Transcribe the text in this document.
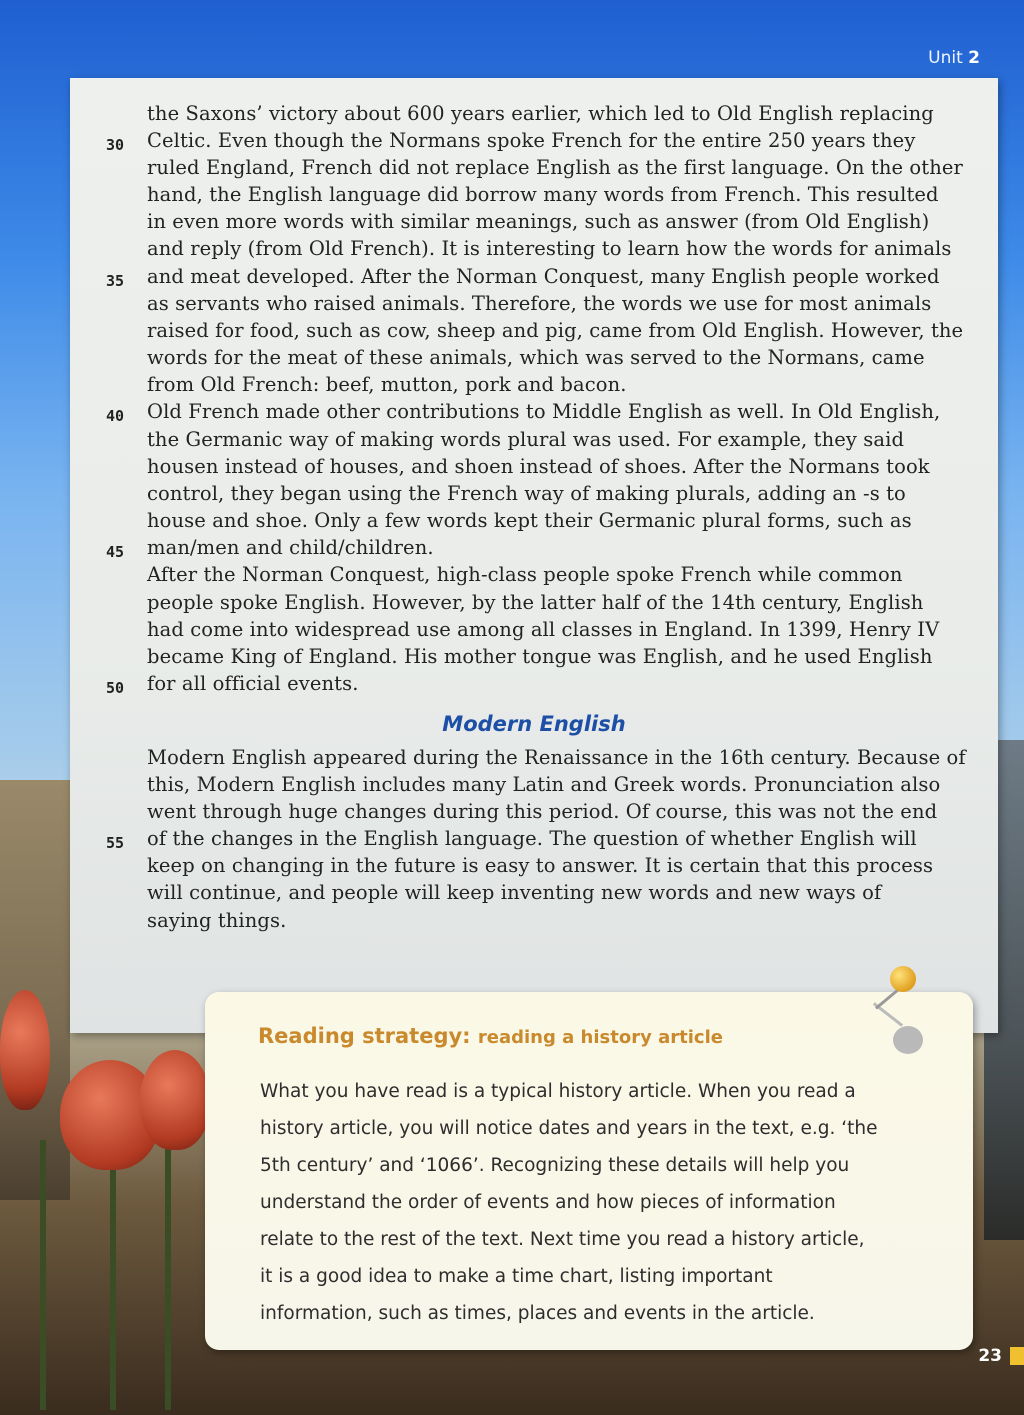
Unit 2
30
35
40
45
50
55
the Saxons’ victory about 600 years earlier, which led to Old English replacing
Celtic. Even though the Normans spoke French for the entire 250 years they
ruled England, French did not replace English as the first language. On the other
hand, the English language did borrow many words from French. This resulted
in even more words with similar meanings, such as answer (from Old English)
and reply (from Old French). It is interesting to learn how the words for animals
and meat developed. After the Norman Conquest, many English people worked
as servants who raised animals. Therefore, the words we use for most animals
raised for food, such as cow, sheep and pig, came from Old English. However, the
words for the meat of these animals, which was served to the Normans, came
from Old French: beef, mutton, pork and bacon.
Old French made other contributions to Middle English as well. In Old English,
the Germanic way of making words plural was used. For example, they said
housen instead of houses, and shoen instead of shoes. After the Normans took
control, they began using the French way of making plurals, adding an -s to
house and shoe. Only a few words kept their Germanic plural forms, such as
man/men and child/children.
After the Norman Conquest, high-class people spoke French while common
people spoke English. However, by the latter half of the 14th century, English
had come into widespread use among all classes in England. In 1399, Henry IV
became King of England. His mother tongue was English, and he used English
for all official events.
Modern English
Modern English appeared during the Renaissance in the 16th century. Because of
this, Modern English includes many Latin and Greek words. Pronunciation also
went through huge changes during this period. Of course, this was not the end
of the changes in the English language. The question of whether English will
keep on changing in the future is easy to answer. It is certain that this process
will continue, and people will keep inventing new words and new ways of
saying things.
Reading strategy: reading a history article
What you have read is a typical history article. When you read a
history article, you will notice dates and years in the text, e.g. ‘the
5th century’ and ‘1066’. Recognizing these details will help you
understand the order of events and how pieces of information
relate to the rest of the text. Next time you read a history article,
it is a good idea to make a time chart, listing important
information, such as times, places and events in the article.
23
